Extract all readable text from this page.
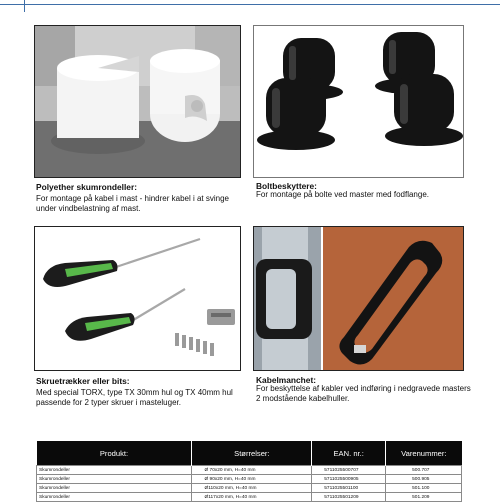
Polyether skumrondeller:
For montage på kabel i mast - hindrer kabel i at svinge under vindbelastning af mast.
Boltbeskyttere:
For montage på bolte ved master med fodflange.
Skruetrækker eller bits:
Med special TORX, type TX 30mm hul og TX 40mm hul passende for 2 typer skruer i masteluger.
Kabelmanchet:
For beskyttelse af kabler ved indføring i nedgravede masters 2 modstående kabelhuller.
Produkt:	Størrelser:	EAN. nr.:	Varenummer:
Skumrondeller	Ø 70x20 mm, H=40 mm	5711025500707	500.707
Skumrondeller	Ø 90x20 mm, H=40 mm	5711025500905	500.905
Skumrondeller	Ø110x20 mm, H=40 mm	5711025501100	501.100
Skumrondeller	Ø117x20 mm, H=40 mm	5711025501209	501.209
